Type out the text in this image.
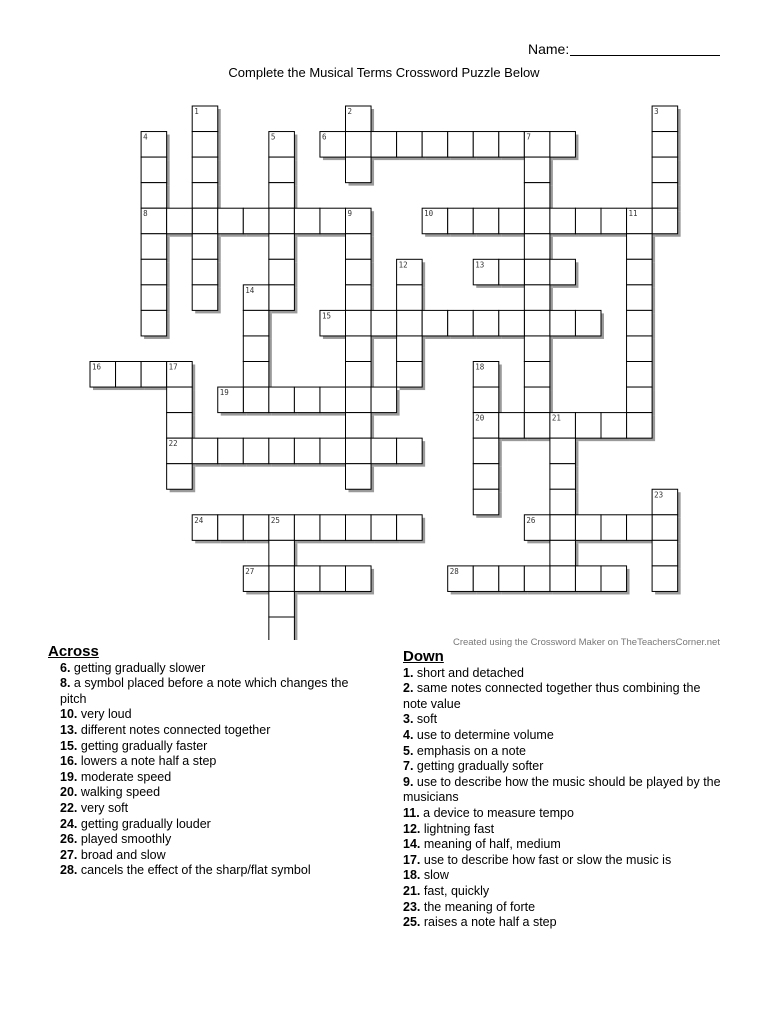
Name:
Complete the Musical Terms Crossword Puzzle Below
1	2	3
4	5	6	7
8	9	10	11
12	13
14
15
16	17	18
19
20	21
22
23
24	25	26
27	28
Created using the Crossword Maker on TheTeachersCorner.net
Across
6. getting gradually slower
8. a symbol placed before a note which changes the pitch
10. very loud
13. different notes connected together
15. getting gradually faster
16. lowers a note half a step
19. moderate speed
20. walking speed
22. very soft
24. getting gradually louder
26. played smoothly
27. broad and slow
28. cancels the effect of the sharp/flat symbol
Down
1. short and detached
2. same notes connected together thus combining the note value
3. soft
4. use to determine volume
5. emphasis on a note
7. getting gradually softer
9. use to describe how the music should be played by the musicians
11. a device to measure tempo
12. lightning fast
14. meaning of half, medium
17. use to describe how fast or slow the music is
18. slow
21. fast, quickly
23. the meaning of forte
25. raises a note half a step
